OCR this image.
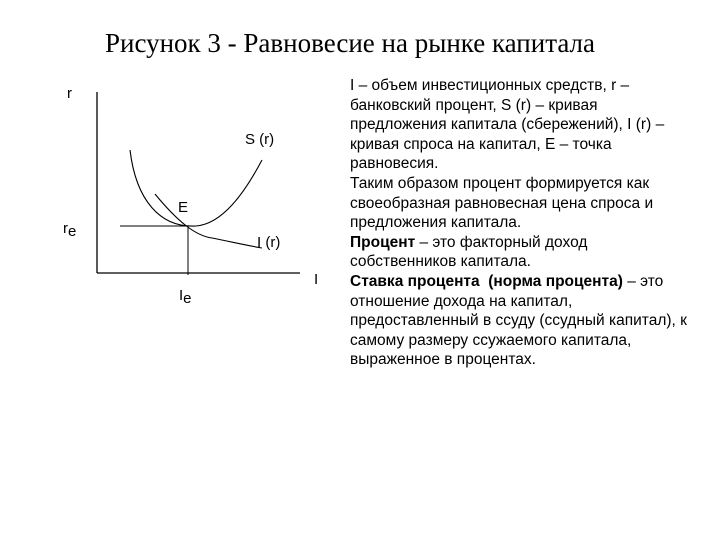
Рисунок 3 - Равновесие на рынке капитала
r
S (r)
E
I (r)
I
re
Ie

I – объем инвестиционных средств, r – банковский процент, S (r) – кривая предложения капитала (сбережений), I (r) – кривая спроса на капитал, E – точка равновесия.

Таким образом процент формируется как своеобразная равновесная цена спроса и предложения капитала.

Процент – это факторный доход собственников капитала.

Ставка процента (норма процента) – это отношение дохода на капитал, предоставленный в ссуду (ссудный капитал), к самому размеру ссужаемого капитала, выраженное в процентах.
